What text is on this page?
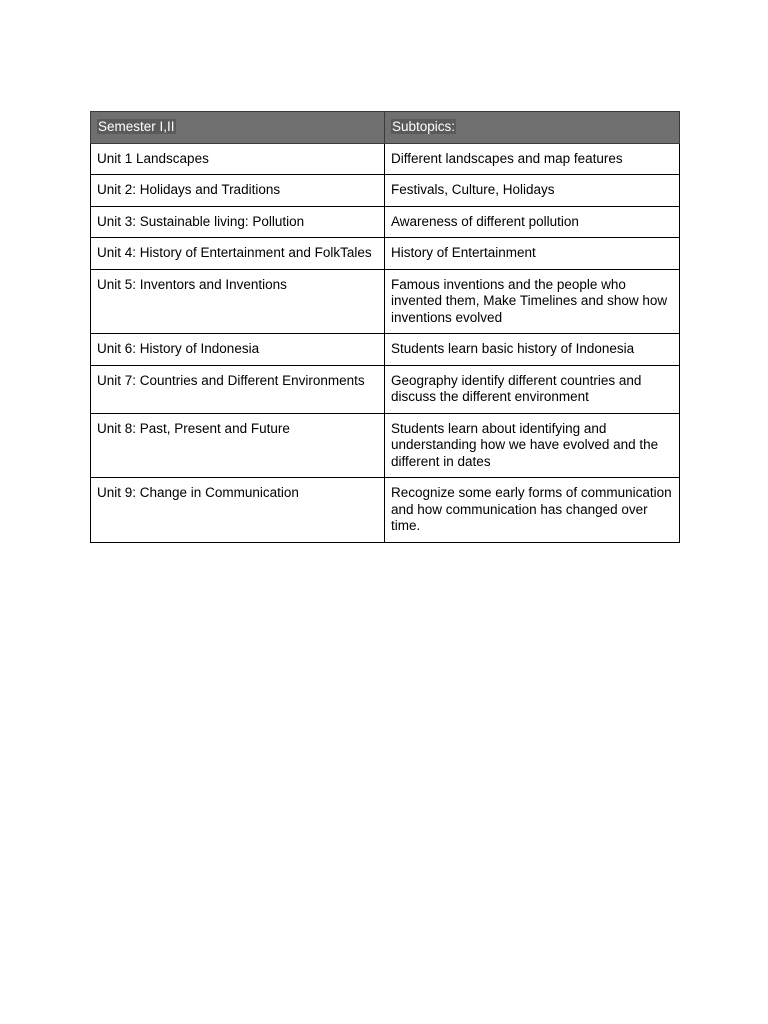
Semester I,II	Subtopics:
Unit 1 Landscapes	Different landscapes and map features
Unit 2: Holidays and Traditions	Festivals, Culture, Holidays
Unit 3: Sustainable living: Pollution	Awareness of different pollution
Unit 4: History of Entertainment and FolkTales	History of Entertainment
Unit 5: Inventors and Inventions	Famous inventions and the people who invented them, Make Timelines and show how inventions evolved
Unit 6: History of Indonesia	Students learn basic history of Indonesia
Unit 7: Countries and Different Environments	Geography identify different countries and discuss the different environment
Unit 8: Past, Present and Future	Students learn about identifying and understanding how we have evolved and the different in dates
Unit 9: Change in Communication	Recognize some early forms of communication and how communication has changed over time.
